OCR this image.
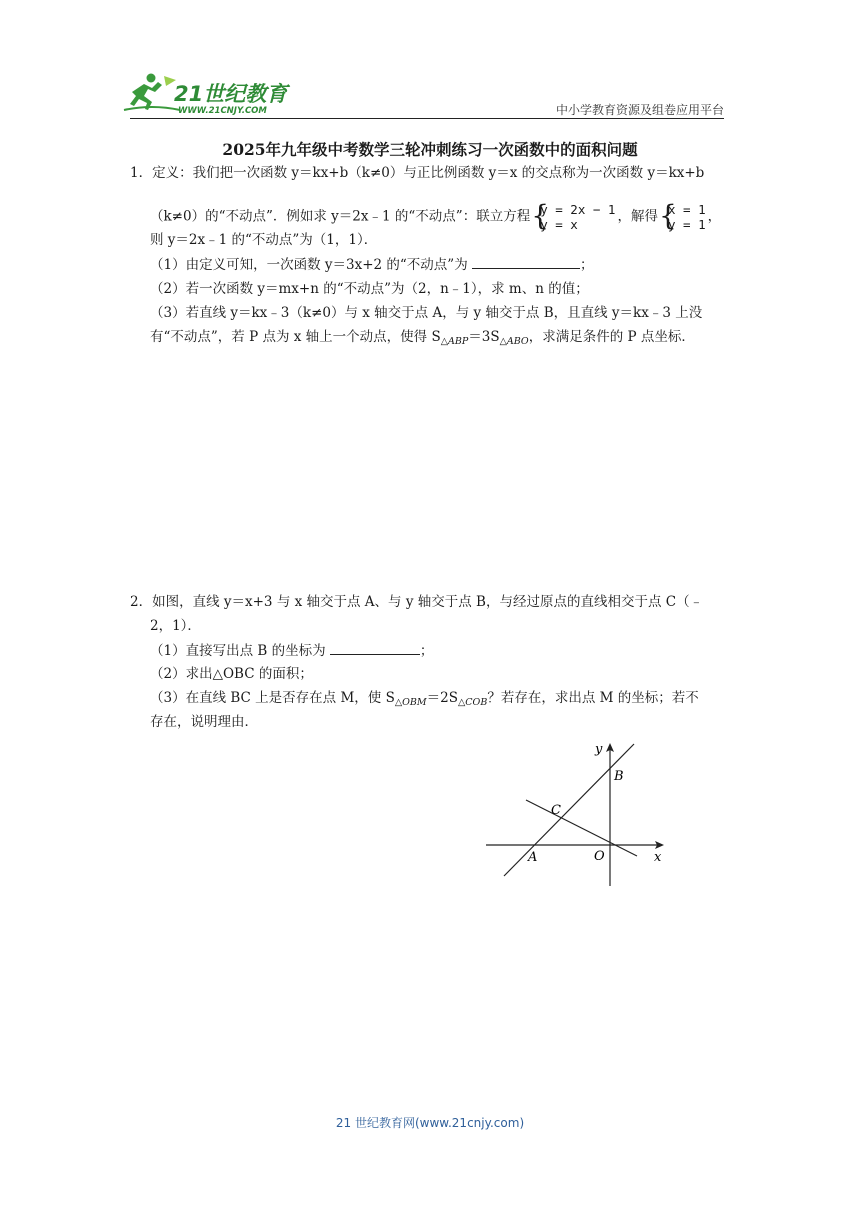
21世纪教育
WWW.21CNJY.COM	中小学教育资源及组卷应用平台
2025年九年级中考数学三轮冲刺练习一次函数中的面积问题
1．定义：我们把一次函数 y＝kx+b（k≠0）与正比例函数 y＝x 的交点称为一次函数 y＝kx+b
（k≠0）的“不动点”．例如求 y＝2x﹣1 的“不动点”：联立方程 {
y = 2x − 1
y = x	，解得 {
x = 1
y = 1 ，
则 y＝2x﹣1 的“不动点”为（1，1）．
（1）由定义可知，一次函数 y＝3x+2 的“不动点”为	；
（2）若一次函数 y＝mx+n 的“不动点”为（2，n﹣1），求 m、n 的值；
（3）若直线 y＝kx﹣3（k≠0）与 x 轴交于点 A，与 y 轴交于点 B，且直线 y＝kx﹣3 上没
有“不动点”，若 P 点为 x 轴上一个动点，使得 $S_{\triangle ABP}=3S_{\triangle ABO}$，求满足条件的 P 点坐标．
2．如图，直线 y＝x+3 与 x 轴交于点 A、与 y 轴交于点 B，与经过原点的直线相交于点 C（﹣
2，1）．
（1）直接写出点 B 的坐标为	；
（2）求出△OBC 的面积；
（3）在直线 BC 上是否存在点 M，使 $S_{\triangle OBM}=2S_{\triangle COB}$？若存在，求出点 M 的坐标；若不
存在，说明理由．
y
x
B
C
A	O
21 世纪教育网(www.21cnjy.com)
